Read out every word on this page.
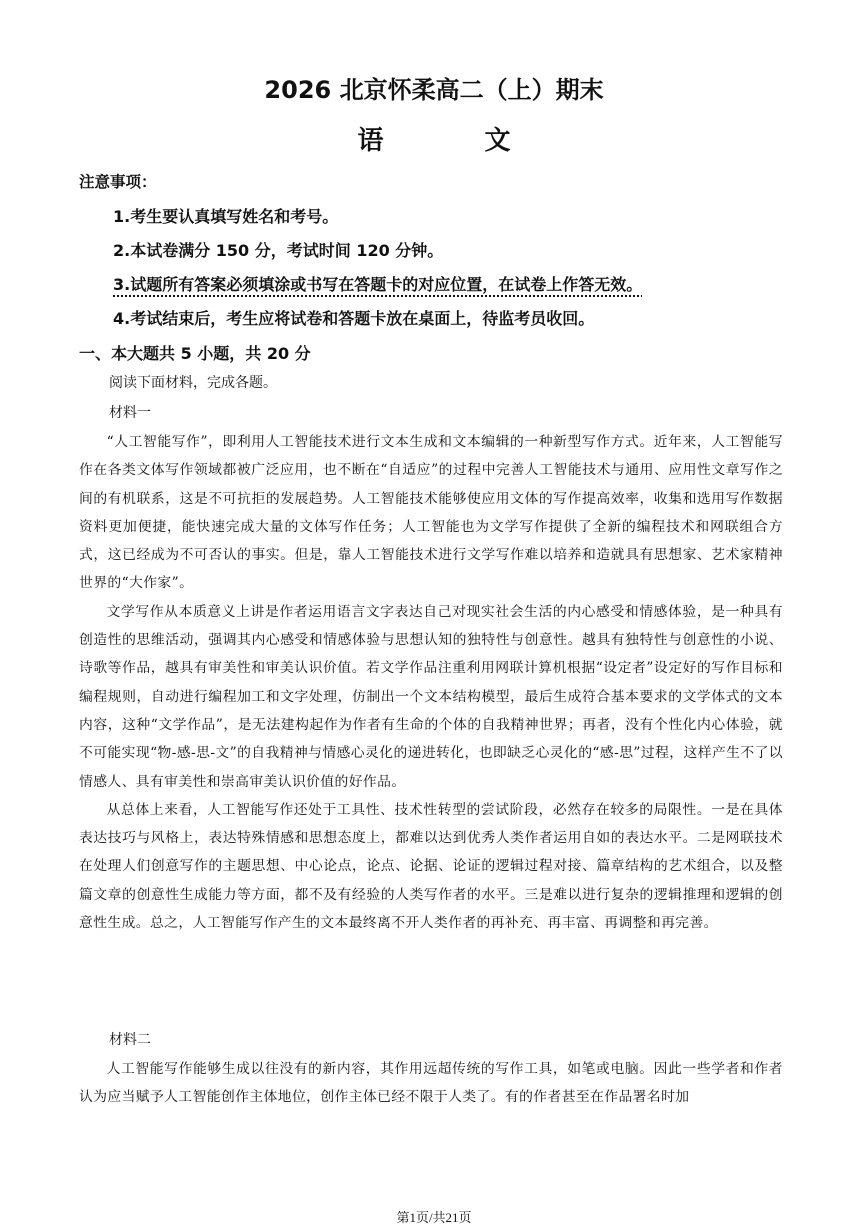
2026 北京怀柔高二（上）期末
语 文
注意事项：
1.考生要认真填写姓名和考号。
2.本试卷满分 150 分，考试时间 120 分钟。
3.试题所有答案必须填涂或书写在答题卡的对应位置，在试卷上作答无效。
4.考试结束后，考生应将试卷和答题卡放在桌面上，待监考员收回。
一、本大题共 5 小题，共 20 分
阅读下面材料，完成各题。
材料一

“人工智能写作”，即利用人工智能技术进行文本生成和文本编辑的一种新型写作方式。近年来，人工智能写作在各类文体写作领域都被广泛应用，也不断在“自适应”的过程中完善人工智能技术与通用、应用性文章写作之间的有机联系，这是不可抗拒的发展趋势。人工智能技术能够使应用文体的写作提高效率，收集和选用写作数据资料更加便捷，能快速完成大量的文体写作任务；人工智能也为文学写作提供了全新的编程技术和网联组合方式，这已经成为不可否认的事实。但是，靠人工智能技术进行文学写作难以培养和造就具有思想家、艺术家精神世界的“大作家”。

文学写作从本质意义上讲是作者运用语言文字表达自己对现实社会生活的内心感受和情感体验，是一种具有创造性的思维活动，强调其内心感受和情感体验与思想认知的独特性与创意性。越具有独特性与创意性的小说、诗歌等作品，越具有审美性和审美认识价值。若文学作品注重利用网联计算机根据“设定者”设定好的写作目标和编程规则，自动进行编程加工和文字处理，仿制出一个文本结构模型，最后生成符合基本要求的文学体式的文本内容，这种“文学作品”，是无法建构起作为作者有生命的个体的自我精神世界；再者，没有个性化内心体验，就不可能实现“物-感-思-文”的自我精神与情感心灵化的递进转化，也即缺乏心灵化的“感-思”过程，这样产生不了以情感人、具有审美性和崇高审美认识价值的好作品。

从总体上来看，人工智能写作还处于工具性、技术性转型的尝试阶段，必然存在较多的局限性。一是在具体表达技巧与风格上，表达特殊情感和思想态度上，都难以达到优秀人类作者运用自如的表达水平。二是网联技术在处理人们创意写作的主题思想、中心论点，论点、论据、论证的逻辑过程对接、篇章结构的艺术组合，以及整篇文章的创意性生成能力等方面，都不及有经验的人类写作者的水平。三是难以进行复杂的逻辑推理和逻辑的创意性生成。总之，人工智能写作产生的文本最终离不开人类作者的再补充、再丰富、再调整和再完善。

材料二

人工智能写作能够生成以往没有的新内容，其作用远超传统的写作工具，如笔或电脑。因此一些学者和作者认为应当赋予人工智能创作主体地位，创作主体已经不限于人类了。有的作者甚至在作品署名时加

第1页/共21页
